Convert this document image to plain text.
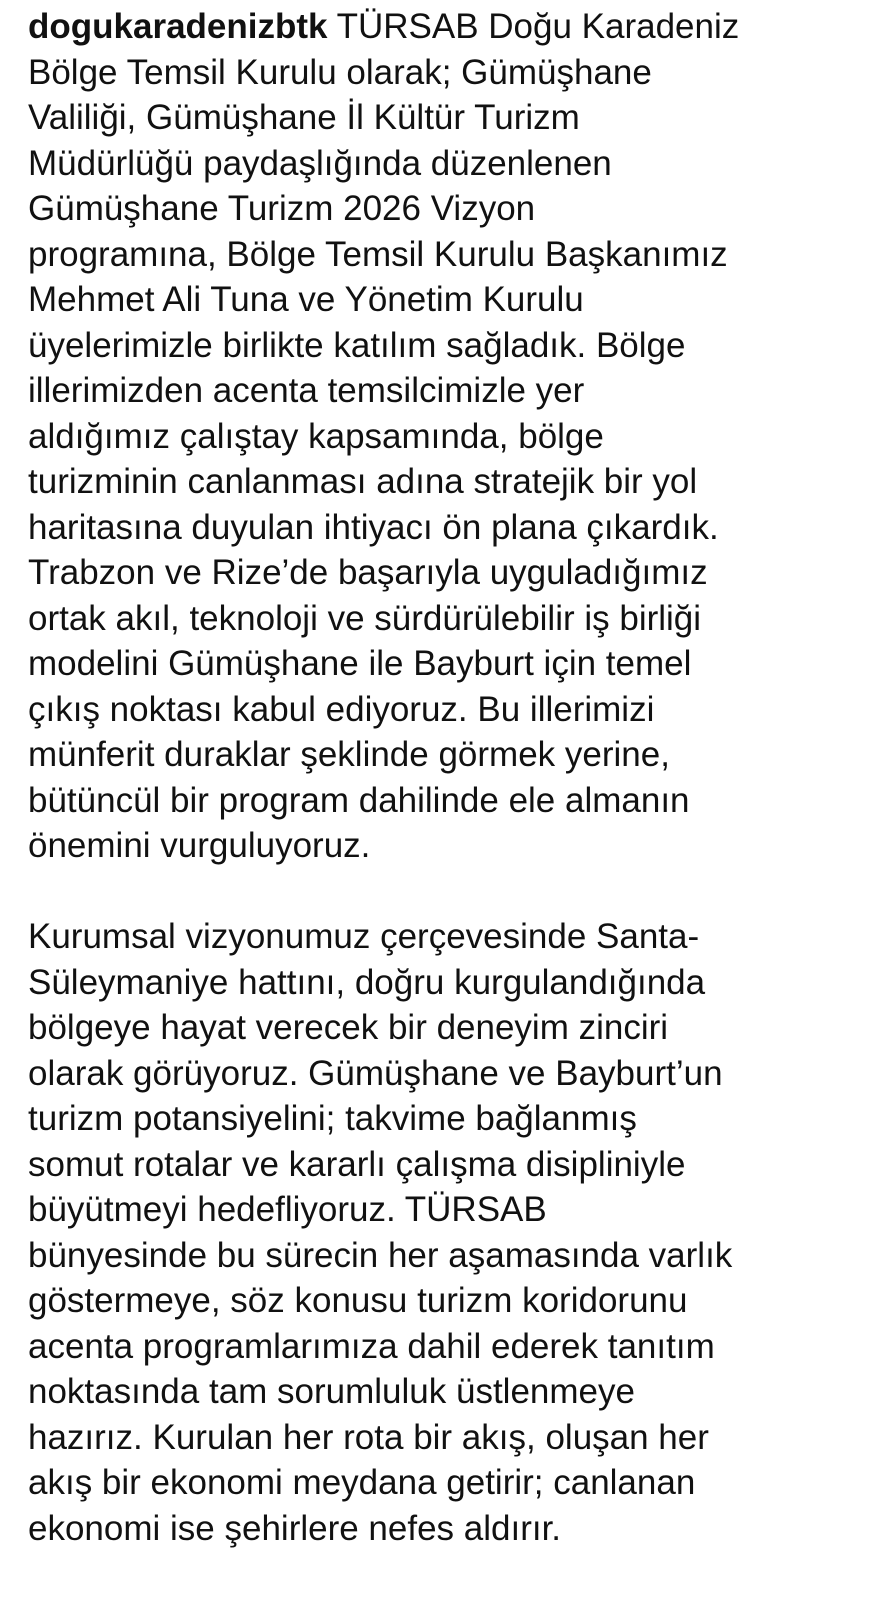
dogukaradenizbtk TÜRSAB Doğu Karadeniz
Bölge Temsil Kurulu olarak; Gümüşhane
Valiliği, Gümüşhane İl Kültür Turizm
Müdürlüğü paydaşlığında düzenlenen
Gümüşhane Turizm 2026 Vizyon
programına, Bölge Temsil Kurulu Başkanımız
Mehmet Ali Tuna ve Yönetim Kurulu
üyelerimizle birlikte katılım sağladık. Bölge
illerimizden acenta temsilcimizle yer
aldığımız çalıştay kapsamında, bölge
turizminin canlanması adına stratejik bir yol
haritasına duyulan ihtiyacı ön plana çıkardık.
Trabzon ve Rize’de başarıyla uyguladığımız
ortak akıl, teknoloji ve sürdürülebilir iş birliği
modelini Gümüşhane ile Bayburt için temel
çıkış noktası kabul ediyoruz. Bu illerimizi
münferit duraklar şeklinde görmek yerine,
bütüncül bir program dahilinde ele almanın
önemini vurguluyoruz.
Kurumsal vizyonumuz çerçevesinde Santa-
Süleymaniye hattını, doğru kurgulandığında
bölgeye hayat verecek bir deneyim zinciri
olarak görüyoruz. Gümüşhane ve Bayburt’un
turizm potansiyelini; takvime bağlanmış
somut rotalar ve kararlı çalışma disipliniyle
büyütmeyi hedefliyoruz. TÜRSAB
bünyesinde bu sürecin her aşamasında varlık
göstermeye, söz konusu turizm koridorunu
acenta programlarımıza dahil ederek tanıtım
noktasında tam sorumluluk üstlenmeye
hazırız. Kurulan her rota bir akış, oluşan her
akış bir ekonomi meydana getirir; canlanan
ekonomi ise şehirlere nefes aldırır.
